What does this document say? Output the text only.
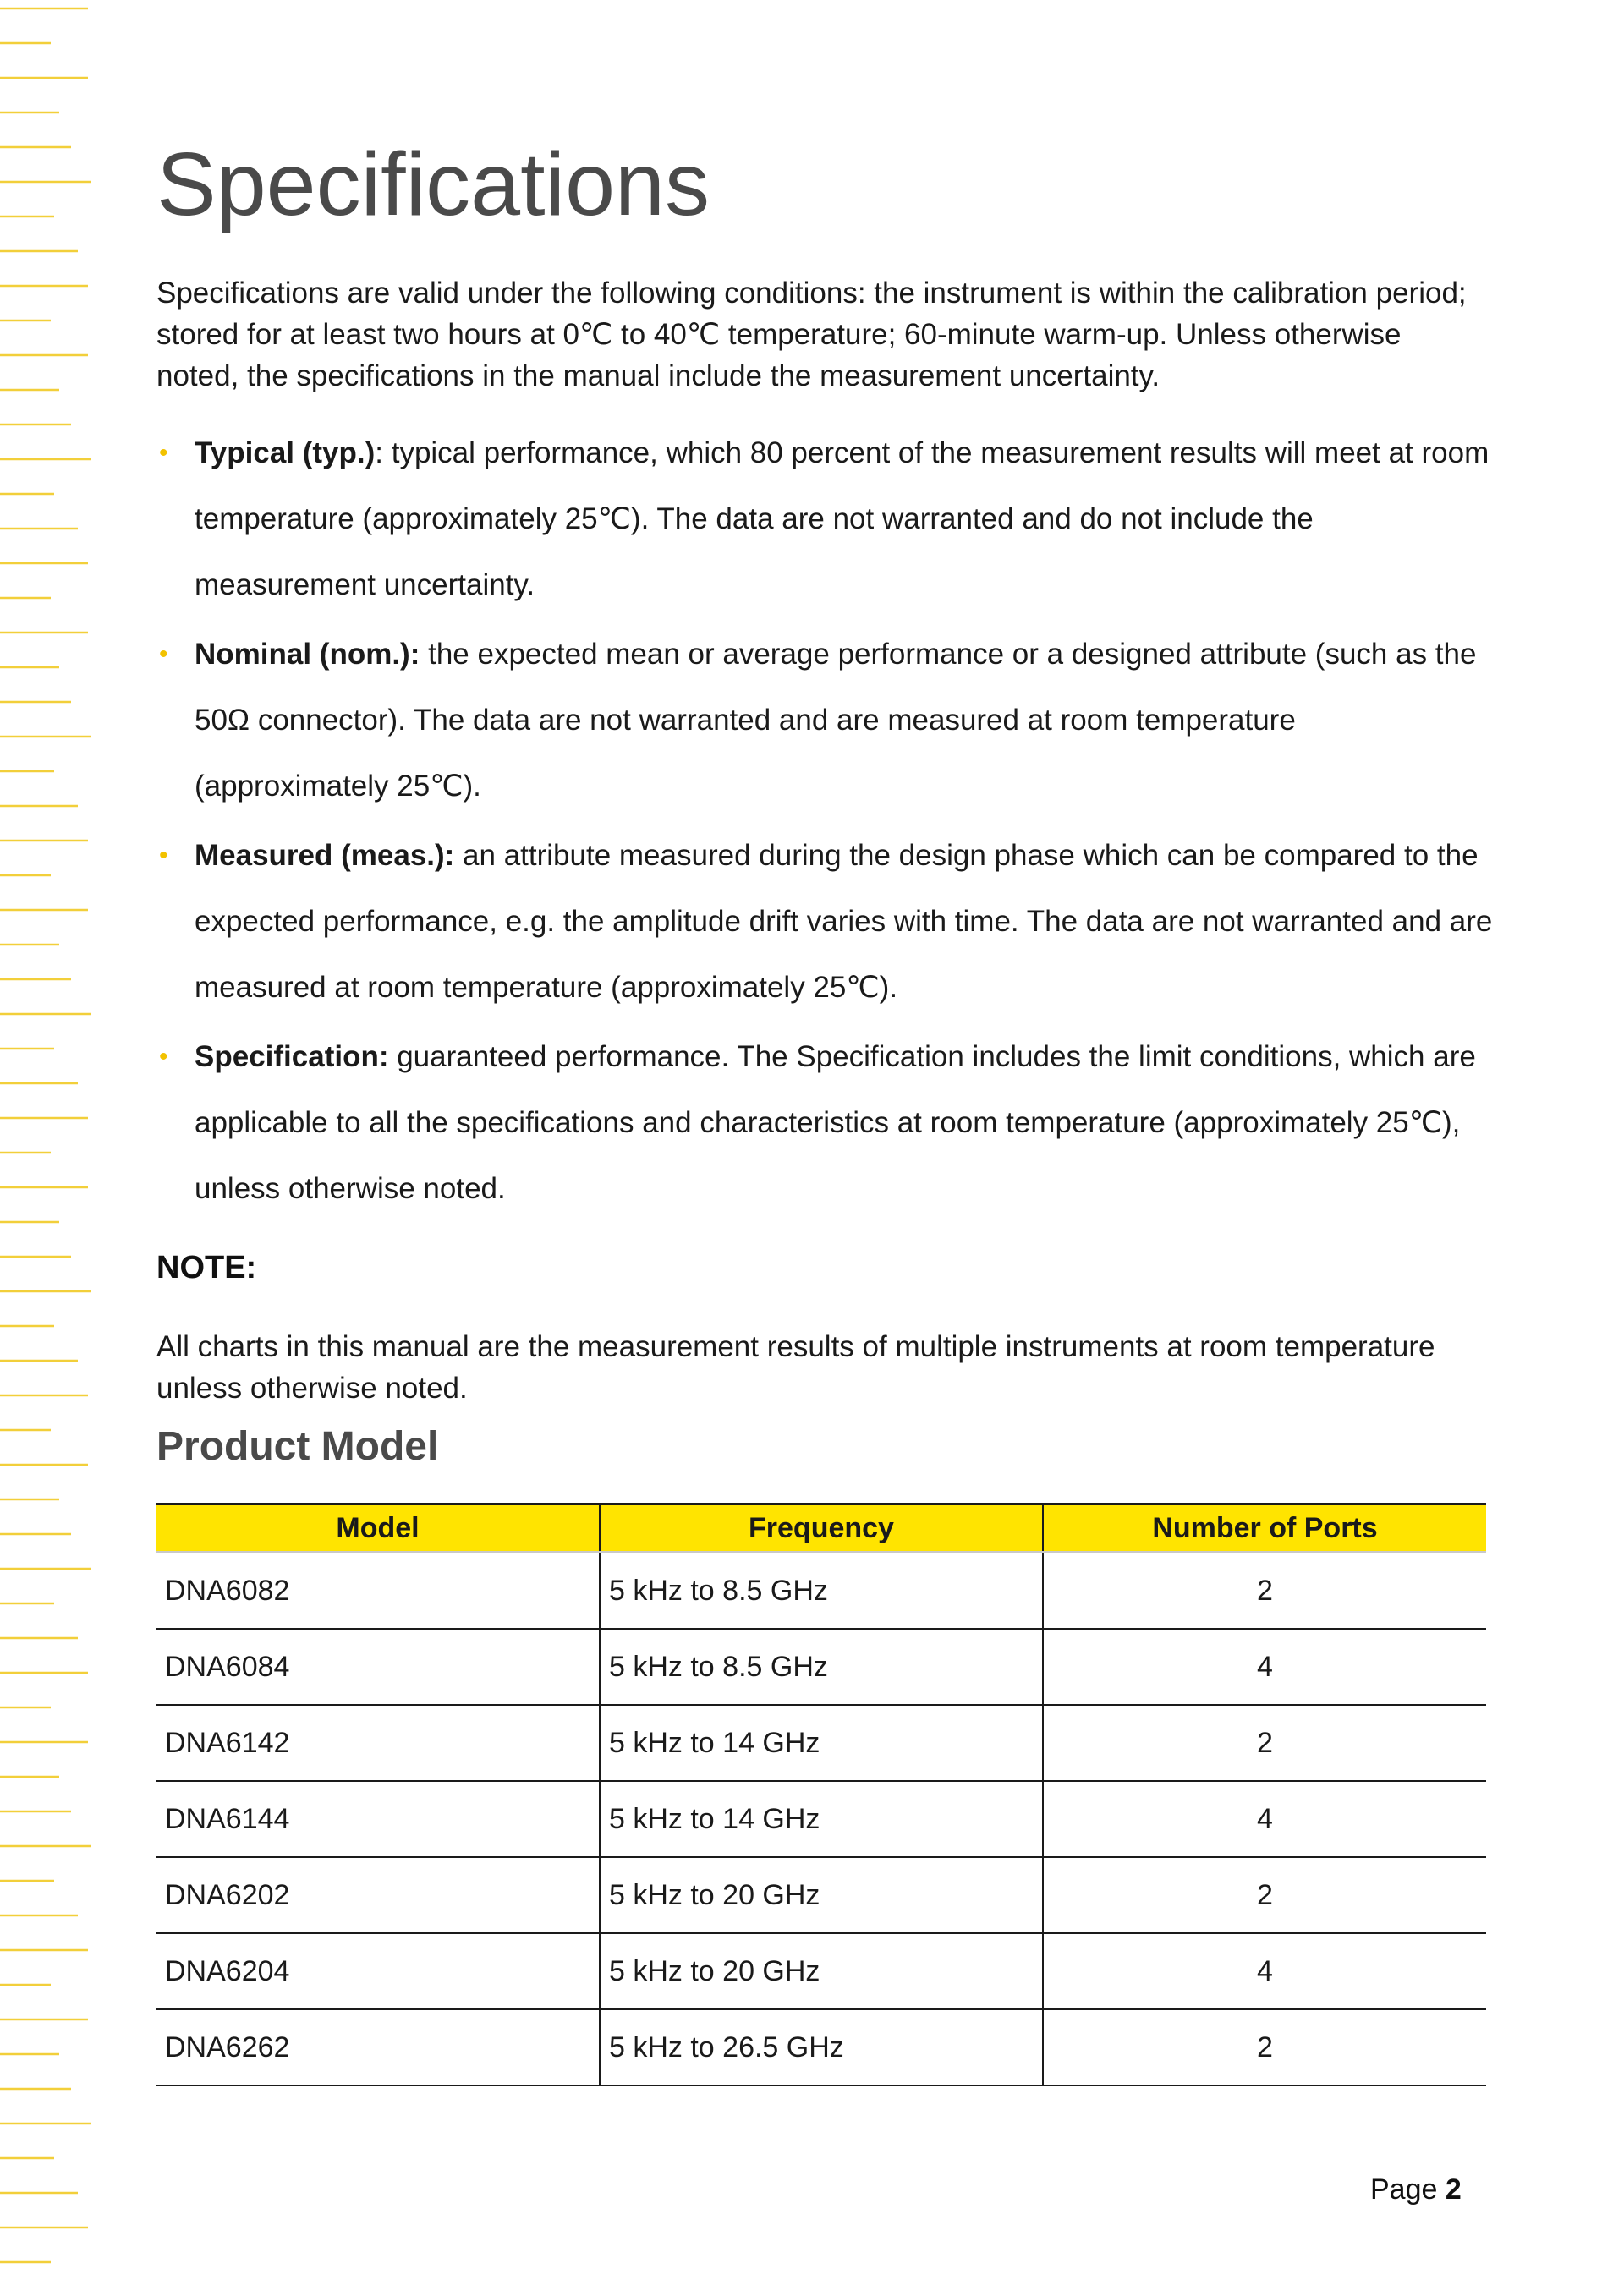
Specifications

Specifications are valid under the following conditions: the instrument is within the calibration period; stored for at least two hours at 0℃ to 40℃ temperature; 60-minute warm-up. Unless otherwise noted, the specifications in the manual include the measurement uncertainty.

• Typical (typ.): typical performance, which 80 percent of the measurement results will meet at room temperature (approximately 25℃). The data are not warranted and do not include the measurement uncertainty.
• Nominal (nom.): the expected mean or average performance or a designed attribute (such as the 50Ω connector). The data are not warranted and are measured at room temperature (approximately 25℃).
• Measured (meas.): an attribute measured during the design phase which can be compared to the expected performance, e.g. the amplitude drift varies with time. The data are not warranted and are measured at room temperature (approximately 25℃).
• Specification: guaranteed performance. The Specification includes the limit conditions, which are applicable to all the specifications and characteristics at room temperature (approximately 25℃), unless otherwise noted.
NOTE:

All charts in this manual are the measurement results of multiple instruments at room temperature unless otherwise noted.

Product Model
Model	Frequency	Number of Ports
DNA6082	5 kHz to 8.5 GHz	2
DNA6084	5 kHz to 8.5 GHz	4
DNA6142	5 kHz to 14 GHz	2
DNA6144	5 kHz to 14 GHz	4
DNA6202	5 kHz to 20 GHz	2
DNA6204	5 kHz to 20 GHz	4
DNA6262	5 kHz to 26.5 GHz	2
Page 2
